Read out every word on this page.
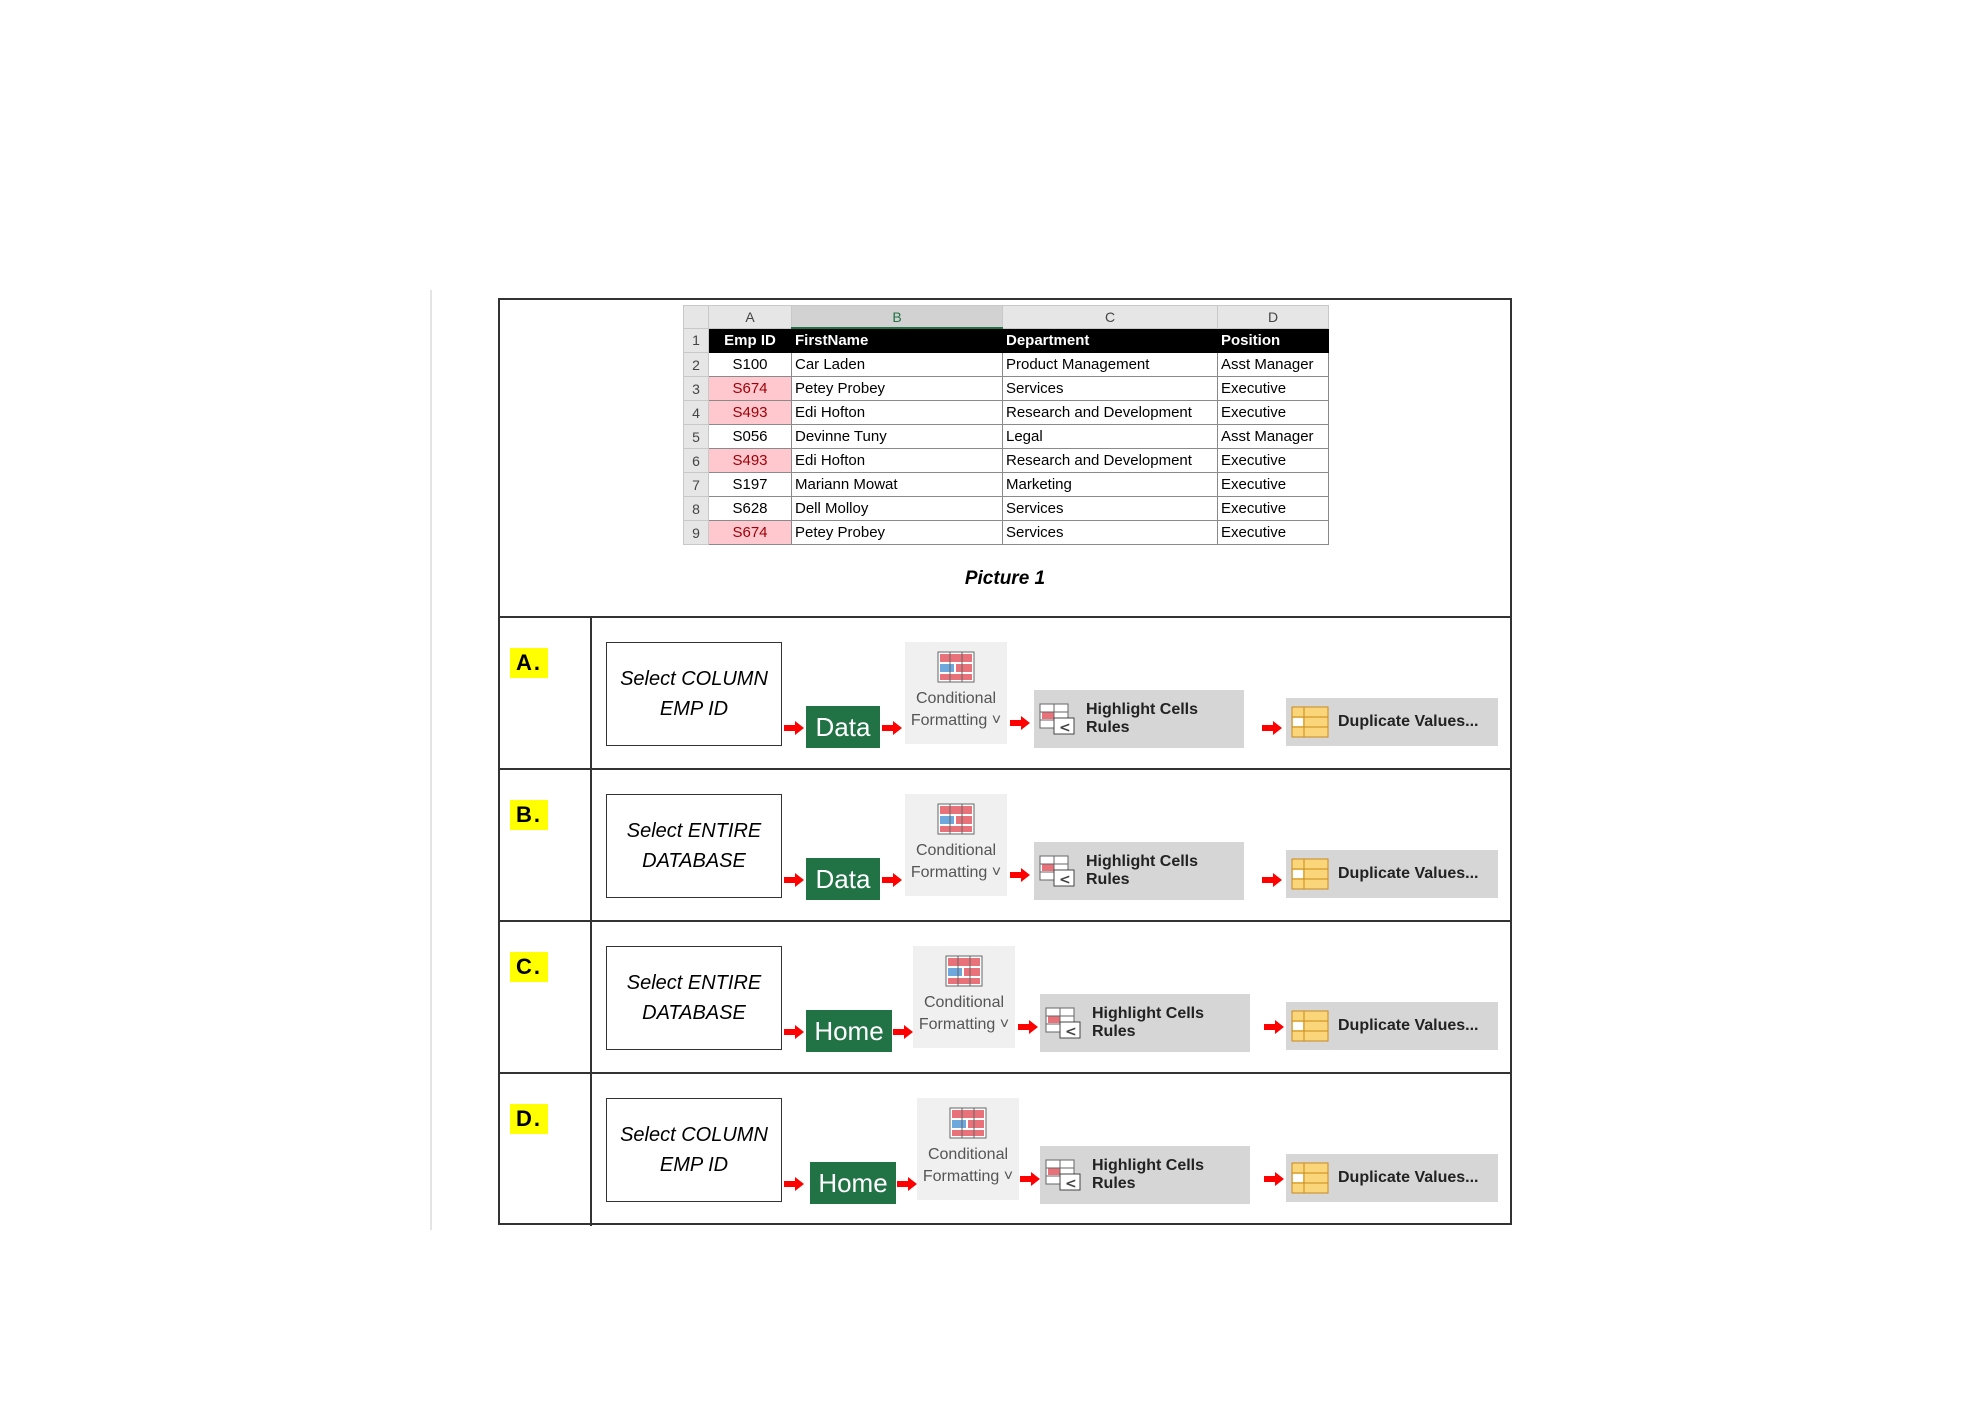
	A	B	C	D
1	Emp ID	FirstName	Department	Position
2	S100	Car Laden	Product Management	Asst Manager
3	S674	Petey Probey	Services	Executive
4	S493	Edi Hofton	Research and Development	Executive
5	S056	Devinne Tuny	Legal	Asst Manager
6	S493	Edi Hofton	Research and Development	Executive
7	S197	Mariann Mowat	Marketing	Executive
8	S628	Dell Molloy	Services	Executive
9	S674	Petey Probey	Services	Executive
Picture 1
A.
Select COLUMN
EMP ID
Data
Conditional
Formatting ˅	<
Highlight Cells Rules	Duplicate Values...
B.
Select ENTIRE
DATABASE
Data
Conditional
Formatting ˅	<
Highlight Cells Rules	Duplicate Values...
C.
Select ENTIRE
DATABASE
Home
Conditional
Formatting ˅	<
Highlight Cells Rules	Duplicate Values...
D.
Select COLUMN
EMP ID
Home
Conditional
Formatting ˅	<
Highlight Cells Rules	Duplicate Values...
